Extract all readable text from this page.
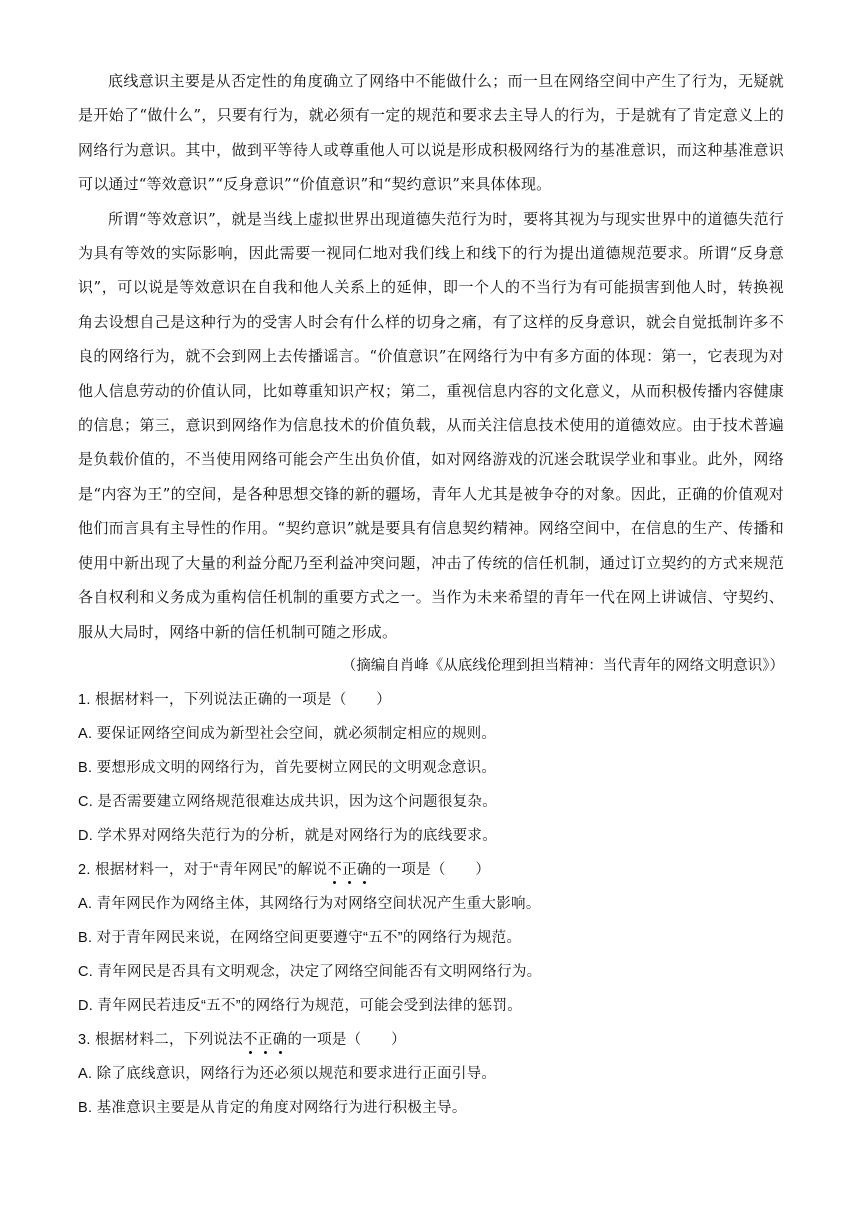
底线意识主要是从否定性的角度确立了网络中不能做什么；而一旦在网络空间中产生了行为，无疑就是开始了“做什么”，只要有行为，就必须有一定的规范和要求去主导人的行为，于是就有了肯定意义上的网络行为意识。其中，做到平等待人或尊重他人可以说是形成积极网络行为的基准意识，而这种基准意识可以通过“等效意识”“反身意识”“价值意识”和“契约意识”来具体体现。

所谓“等效意识”，就是当线上虚拟世界出现道德失范行为时，要将其视为与现实世界中的道德失范行为具有等效的实际影响，因此需要一视同仁地对我们线上和线下的行为提出道德规范要求。所谓“反身意识”，可以说是等效意识在自我和他人关系上的延伸，即一个人的不当行为有可能损害到他人时，转换视角去设想自己是这种行为的受害人时会有什么样的切身之痛，有了这样的反身意识，就会自觉抵制许多不良的网络行为，就不会到网上去传播谣言。“价值意识”在网络行为中有多方面的体现：第一，它表现为对他人信息劳动的价值认同，比如尊重知识产权；第二，重视信息内容的文化意义，从而积极传播内容健康的信息；第三，意识到网络作为信息技术的价值负载，从而关注信息技术使用的道德效应。由于技术普遍是负载价值的，不当使用网络可能会产生出负价值，如对网络游戏的沉迷会耽误学业和事业。此外，网络是“内容为王”的空间，是各种思想交锋的新的疆场，青年人尤其是被争夺的对象。因此，正确的价值观对他们而言具有主导性的作用。“契约意识”就是要具有信息契约精神。网络空间中，在信息的生产、传播和使用中新出现了大量的利益分配乃至利益冲突问题，冲击了传统的信任机制，通过订立契约的方式来规范各自权利和义务成为重构信任机制的重要方式之一。当作为未来希望的青年一代在网上讲诚信、守契约、服从大局时，网络中新的信任机制可随之形成。

（摘编自肖峰《从底线伦理到担当精神：当代青年的网络文明意识》）

1. 根据材料一，下列说法正确的一项是（　　）

A. 要保证网络空间成为新型社会空间，就必须制定相应的规则。

B. 要想形成文明的网络行为，首先要树立网民的文明观念意识。

C. 是否需要建立网络规范很难达成共识，因为这个问题很复杂。

D. 学术界对网络失范行为的分析，就是对网络行为的底线要求。

2. 根据材料一，对于“青年网民”的解说不正确的一项是（　　）

A. 青年网民作为网络主体，其网络行为对网络空间状况产生重大影响。

B. 对于青年网民来说，在网络空间更要遵守“五不”的网络行为规范。

C. 青年网民是否具有文明观念，决定了网络空间能否有文明网络行为。

D. 青年网民若违反“五不”的网络行为规范，可能会受到法律的惩罚。

3. 根据材料二，下列说法不正确的一项是（　　）

A. 除了底线意识，网络行为还必须以规范和要求进行正面引导。

B. 基准意识主要是从肯定的角度对网络行为进行积极主导。
